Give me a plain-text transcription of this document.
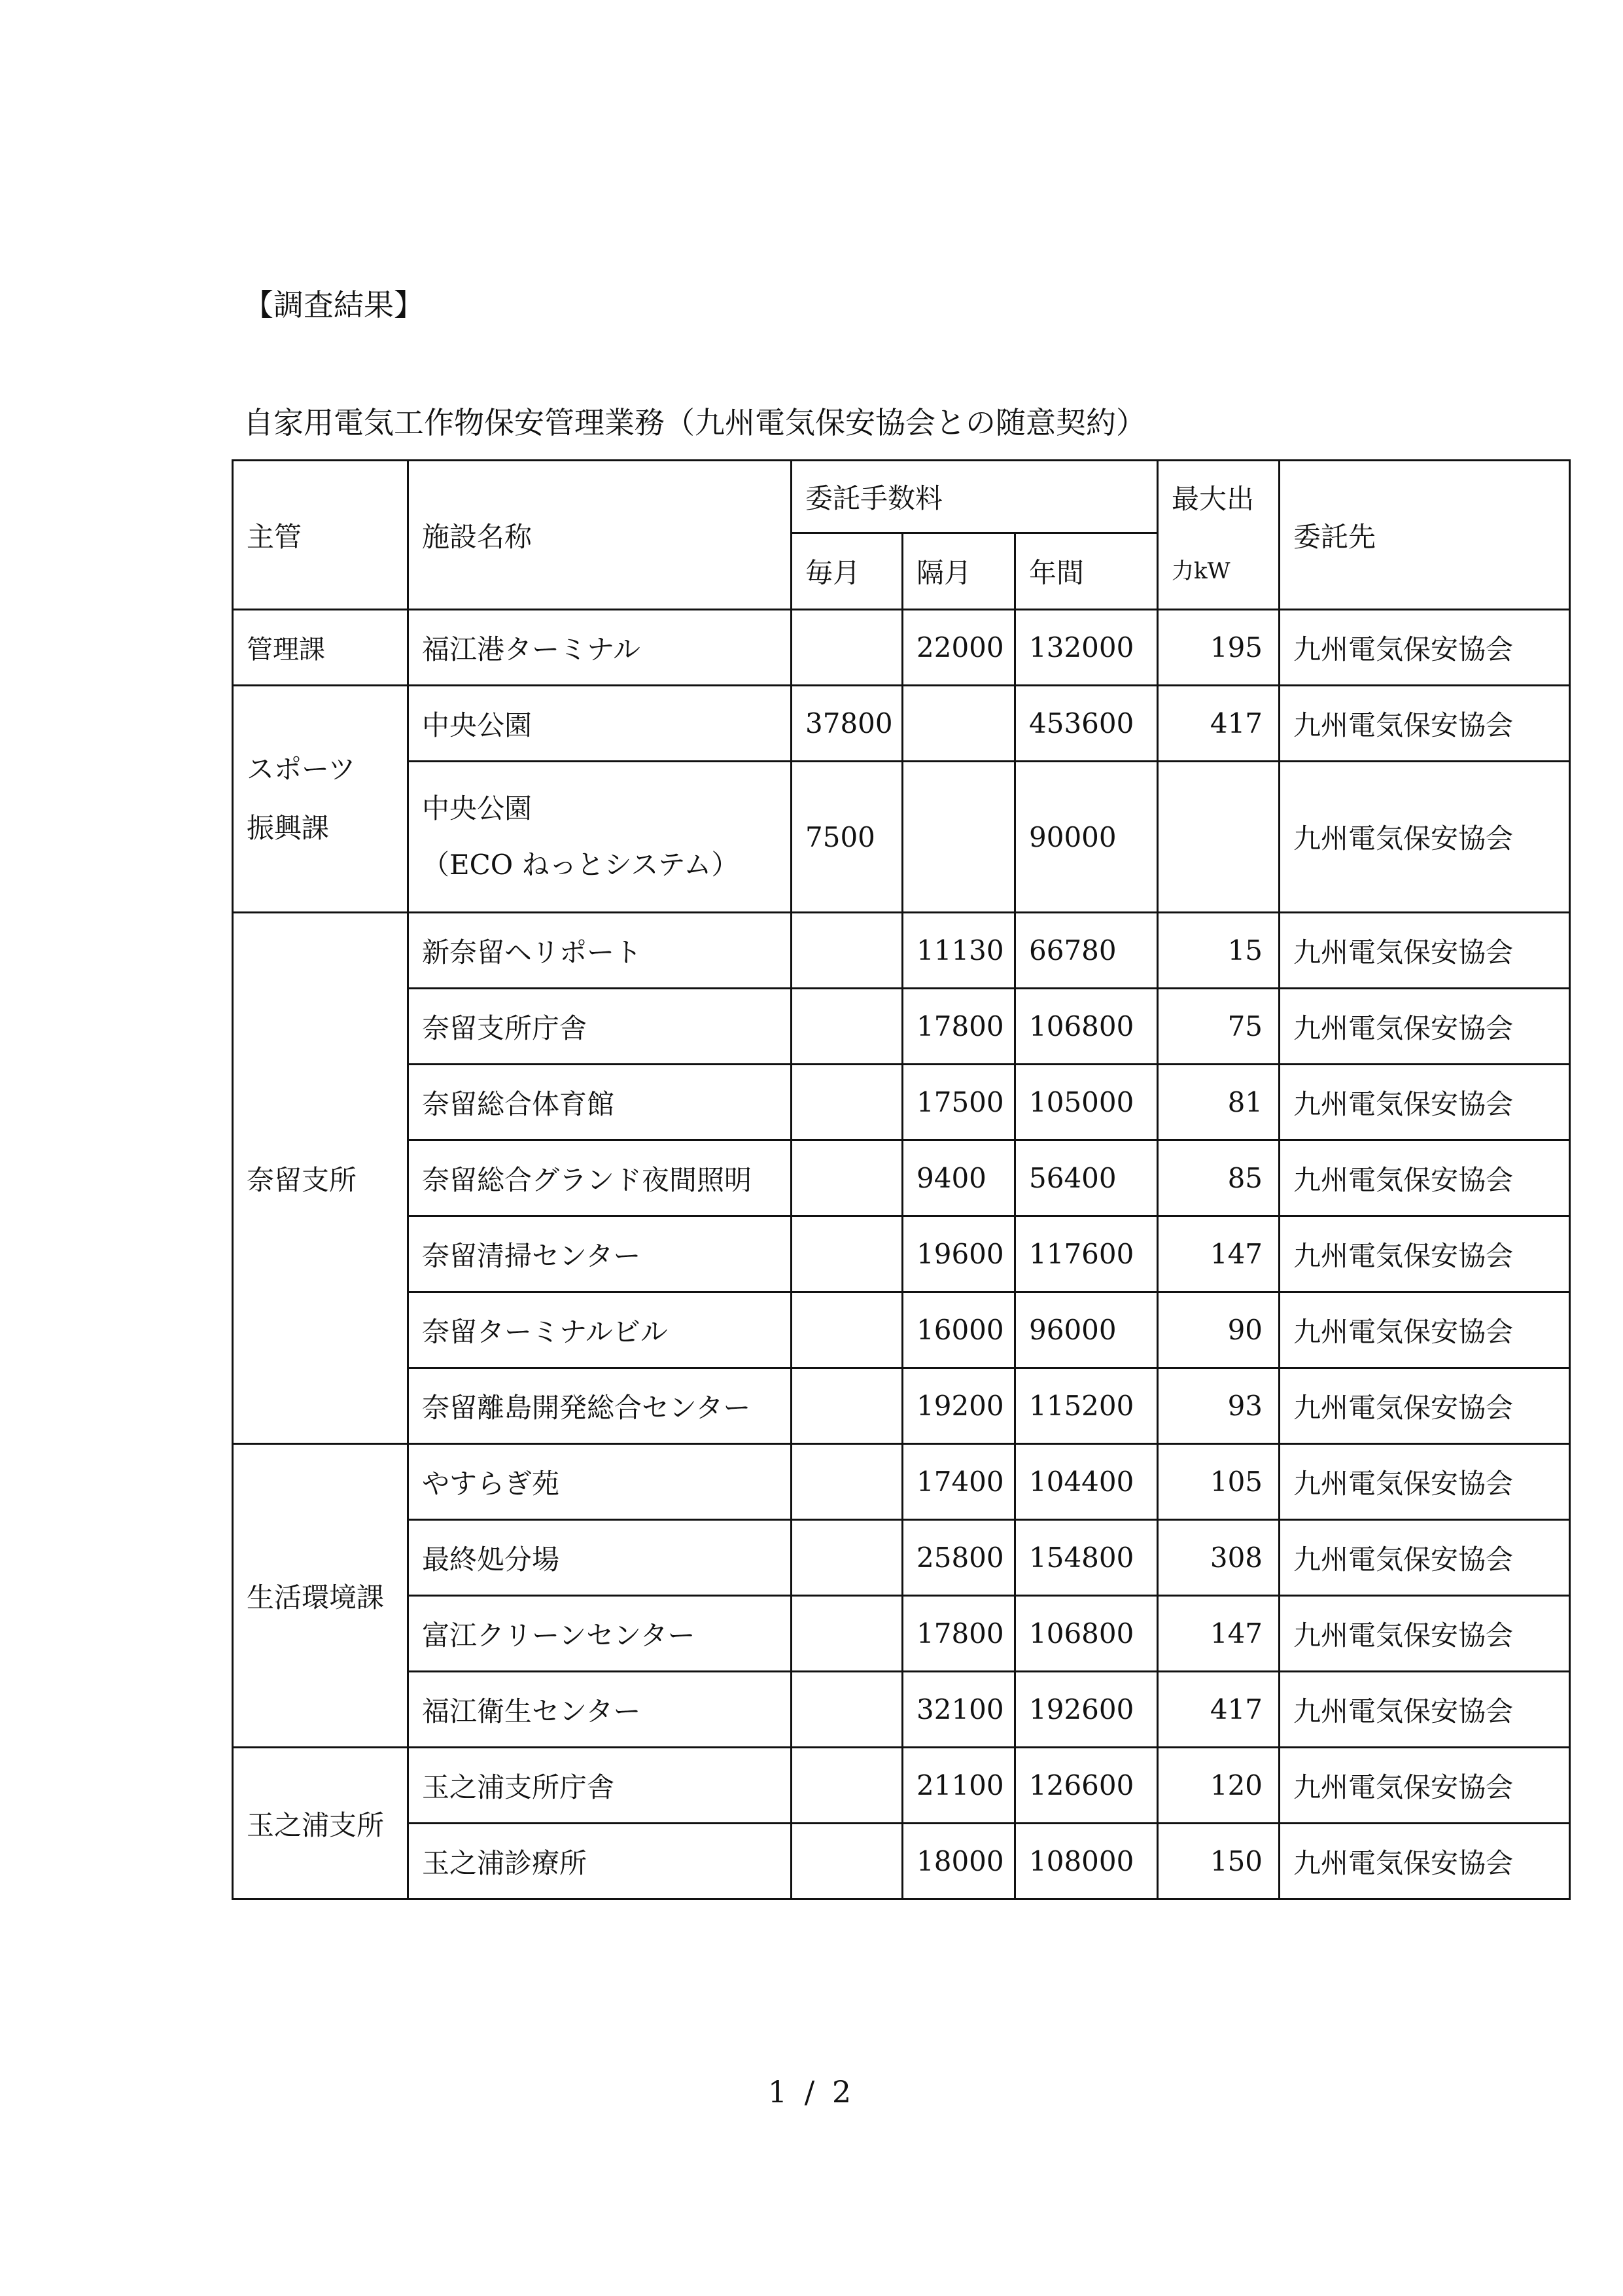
【調査結果】
自家用電気工作物保安管理業務（九州電気保安協会との随意契約）
主管	施設名称	委託手数料			最大出
力kW	委託先
		毎月	隔月	年間		
管理課	福江港ターミナル		22000	132000	195	九州電気保安協会

スポーツ
振興課	中央公園	37800		453600	417	九州電気保安協会

	中央公園
（ECO ねっとシステム）	7500		90000		九州電気保安協会
奈留支所	新奈留ヘリポート		11130	66780	15	九州電気保安協会
	奈留支所庁舎		17800	106800	75	九州電気保安協会
	奈留総合体育館		17500	105000	81	九州電気保安協会
	奈留総合グランド夜間照明		9400	56400	85	九州電気保安協会
	奈留清掃センター		19600	117600	147	九州電気保安協会
	奈留ターミナルビル		16000	96000	90	九州電気保安協会
	奈留離島開発総合センター		19200	115200	93	九州電気保安協会
生活環境課	やすらぎ苑		17400	104400	105	九州電気保安協会
	最終処分場		25800	154800	308	九州電気保安協会
	富江クリーンセンター		17800	106800	147	九州電気保安協会
	福江衛生センター		32100	192600	417	九州電気保安協会
玉之浦支所	玉之浦支所庁舎		21100	126600	120	九州電気保安協会
	玉之浦診療所		18000	108000	150	九州電気保安協会
1 / 2
